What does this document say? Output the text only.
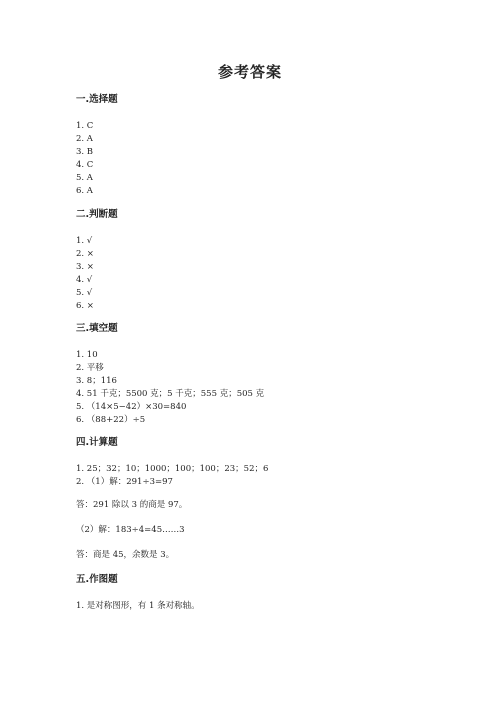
参考答案
一.选择题
1. C
2. A
3. B
4. C
5. A
6. A
二.判断题
1. √
2. ×
3. ×
4. √
5. √
6. ×
三.填空题
1. 10
2. 平移
3. 8；116
4. 51 千克；5500 克；5 千克；555 克；505 克
5. （14×5−42）×30=840
6. （88+22）÷5
四.计算题
1. 25；32；10；1000；100；100；23；52；6
2. （1）解：291÷3=97
答：291 除以 3 的商是 97。
（2）解：183÷4=45……3
答：商是 45，余数是 3。
五.作图题
1. 是对称图形，有 1 条对称轴。
